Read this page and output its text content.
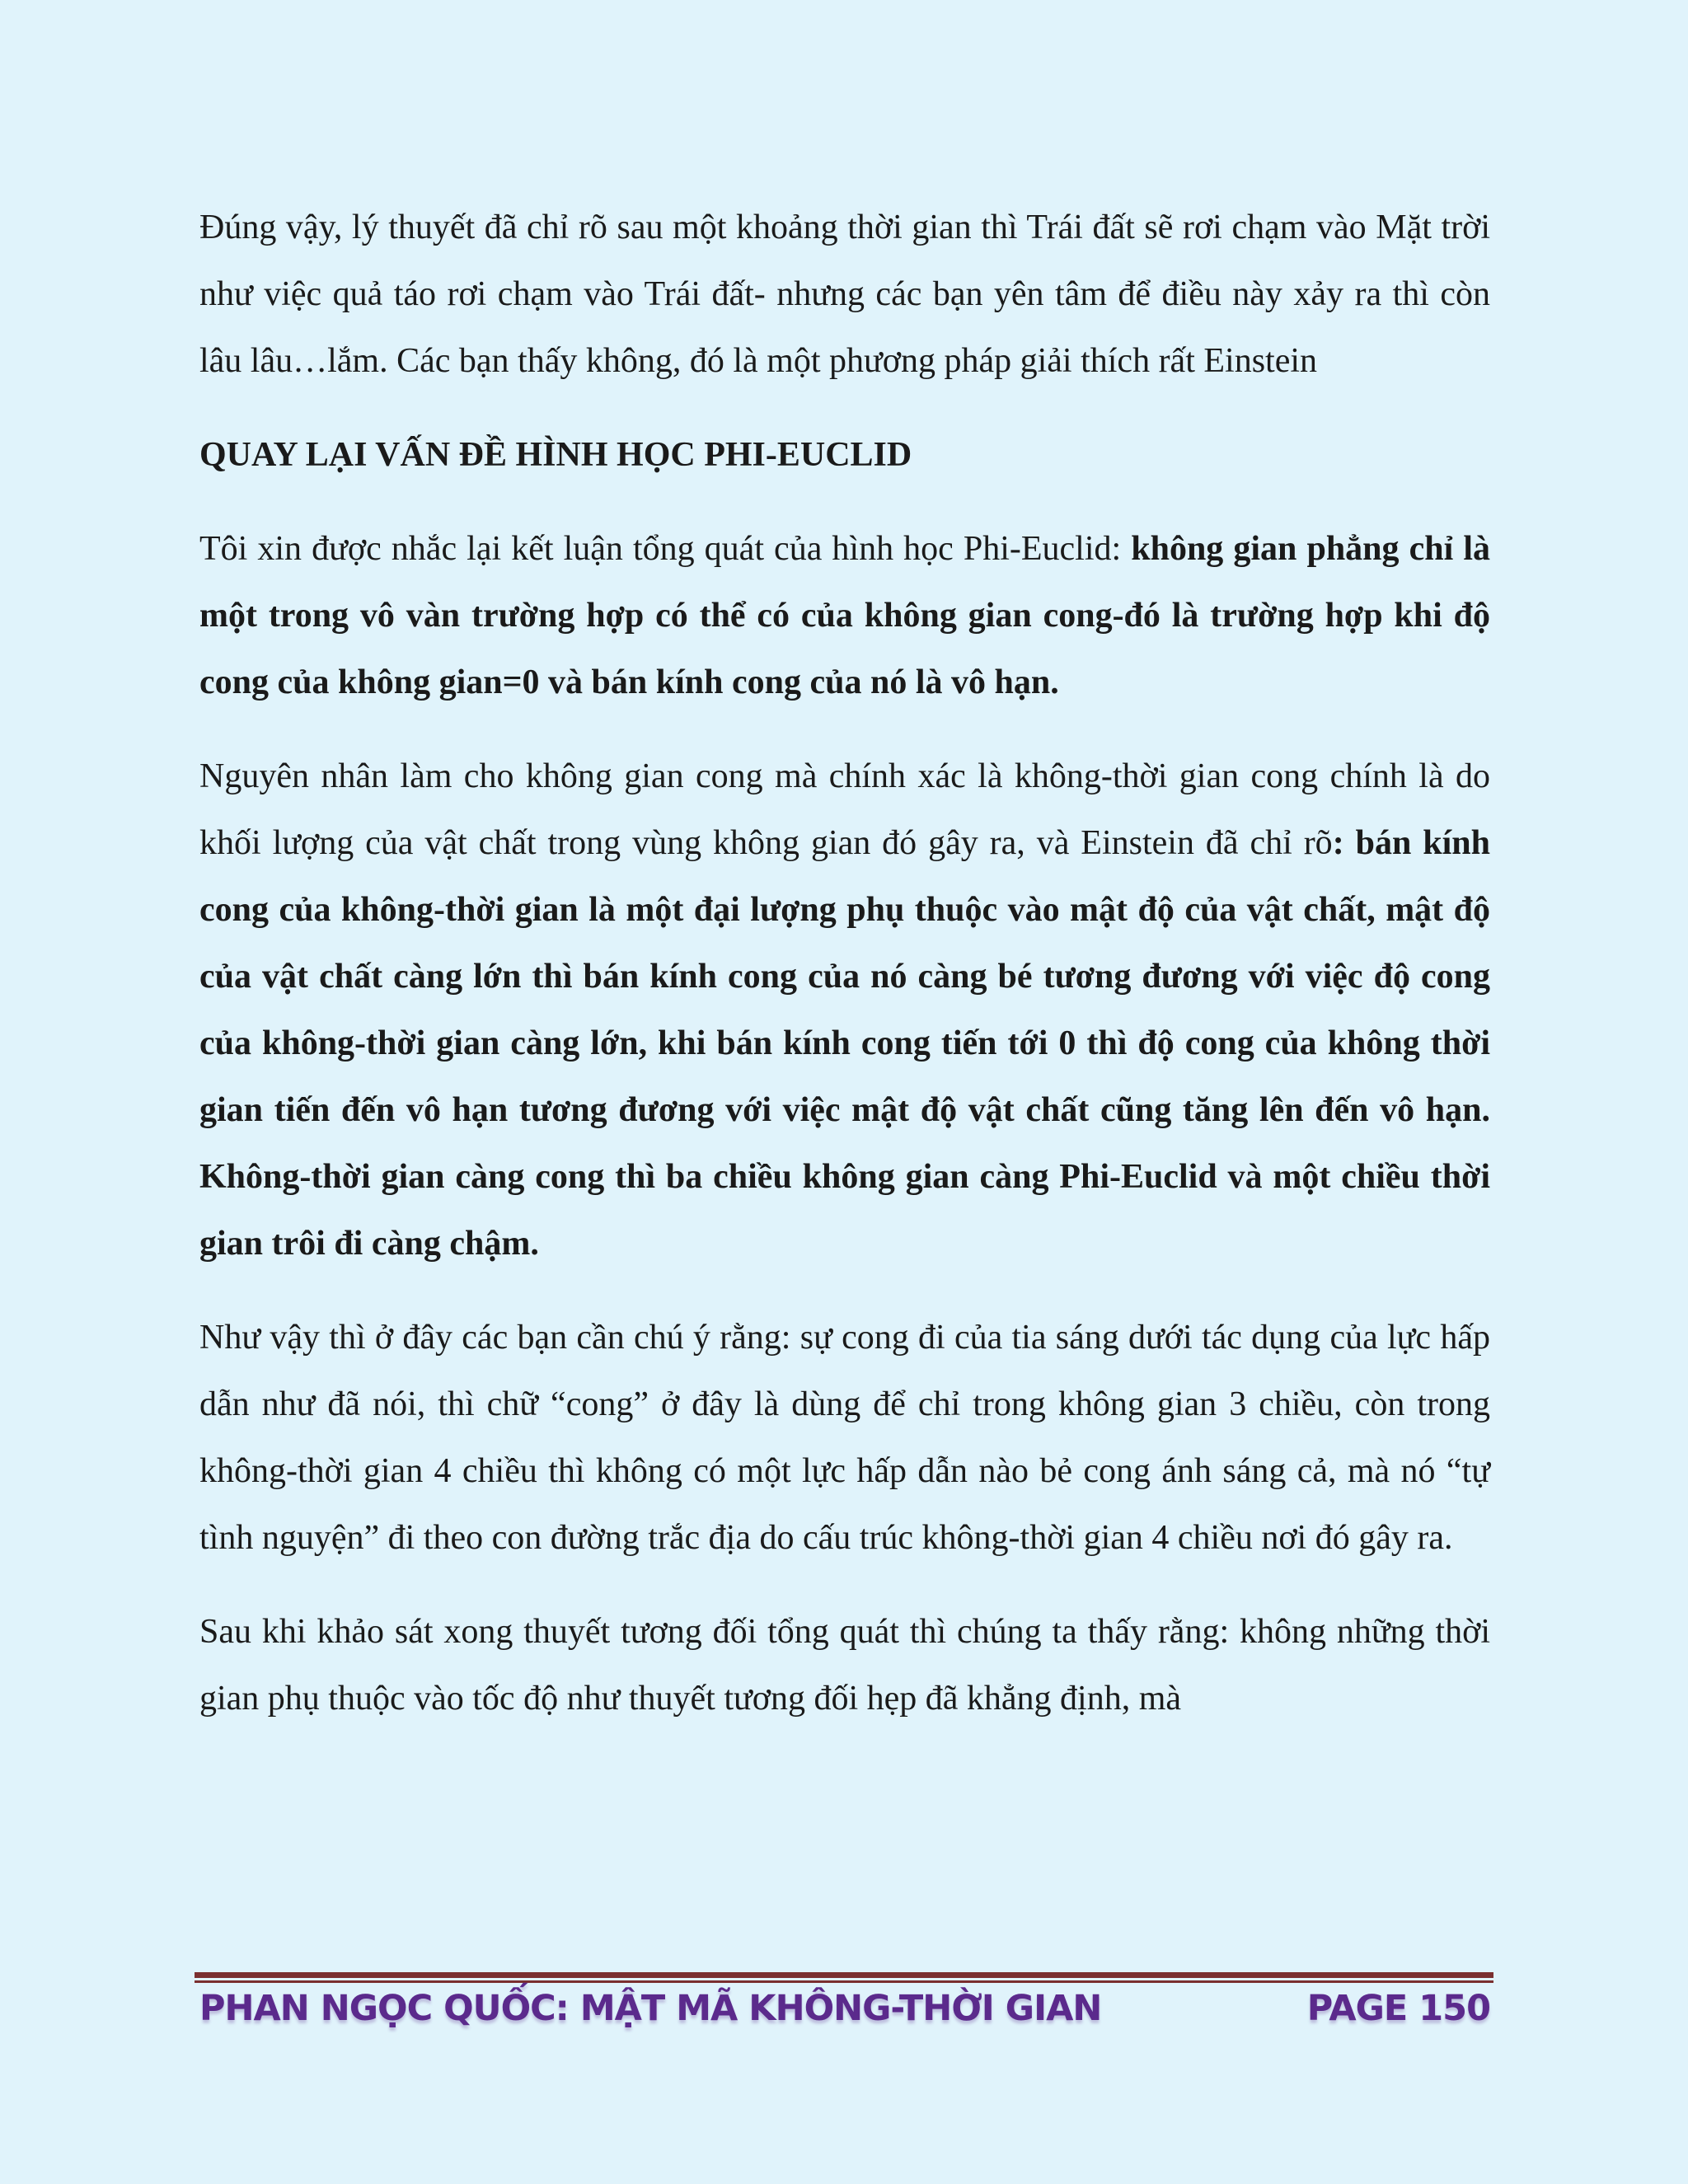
Đúng vậy, lý thuyết đã chỉ rõ sau một khoảng thời gian thì Trái đất sẽ rơi chạm vào Mặt trời như việc quả táo rơi chạm vào Trái đất- nhưng các bạn yên tâm để điều này xảy ra thì còn lâu lâu…lắm. Các bạn thấy không, đó là một phương pháp giải thích rất Einstein

QUAY LẠI VẤN ĐỀ HÌNH HỌC PHI-EUCLID

Tôi xin được nhắc lại kết luận tổng quát của hình học Phi-Euclid: không gian phẳng chỉ là một trong vô vàn trường hợp có thể có của không gian cong-đó là trường hợp khi độ cong của không gian=0 và bán kính cong của nó là vô hạn.

Nguyên nhân làm cho không gian cong mà chính xác là không-thời gian cong chính là do khối lượng của vật chất trong vùng không gian đó gây ra, và Einstein đã chỉ rõ: bán kính cong của không-thời gian là một đại lượng phụ thuộc vào mật độ của vật chất, mật độ của vật chất càng lớn thì bán kính cong của nó càng bé tương đương với việc độ cong của không-thời gian càng lớn, khi bán kính cong tiến tới 0 thì độ cong của không thời gian tiến đến vô hạn tương đương với việc mật độ vật chất cũng tăng lên đến vô hạn. Không-thời gian càng cong thì ba chiều không gian càng Phi-Euclid và một chiều thời gian trôi đi càng chậm.

Như vậy thì ở đây các bạn cần chú ý rằng: sự cong đi của tia sáng dưới tác dụng của lực hấp dẫn như đã nói, thì chữ “cong” ở đây là dùng để chỉ trong không gian 3 chiều, còn trong không-thời gian 4 chiều thì không có một lực hấp dẫn nào bẻ cong ánh sáng cả, mà nó “tự tình nguyện” đi theo con đường trắc địa do cấu trúc không-thời gian 4 chiều nơi đó gây ra.

Sau khi khảo sát xong thuyết tương đối tổng quát thì chúng ta thấy rằng: không những thời gian phụ thuộc vào tốc độ như thuyết tương đối hẹp đã khẳng định, mà

PHAN NGỌC QUỐC: MẬT MÃ KHÔNG-THỜI GIAN	PAGE 150
